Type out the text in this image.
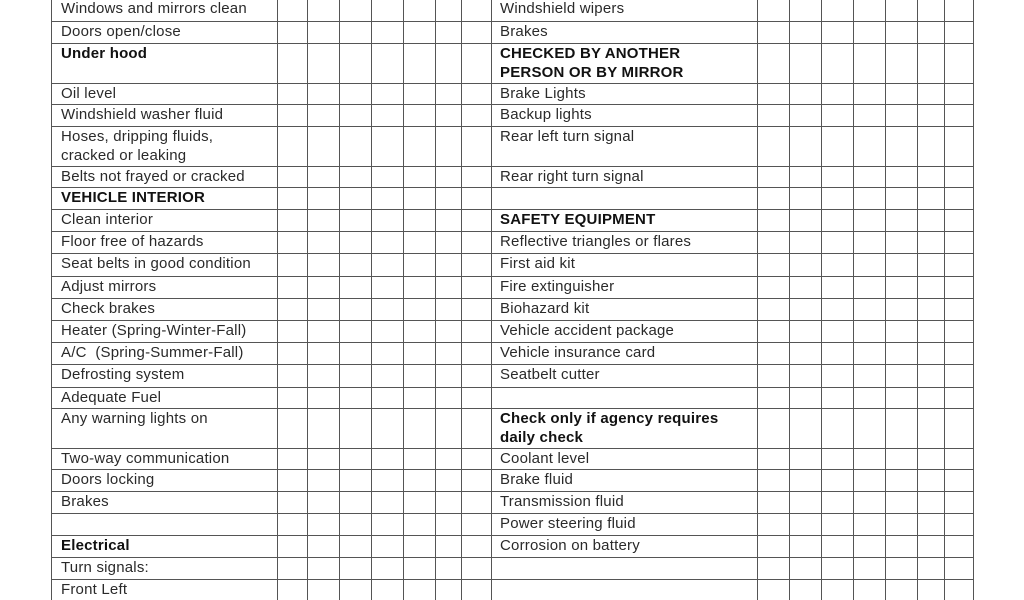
Windows and mirrors clean
Doors open/close
Under hood
Oil level
Windshield washer fluid
Hoses, dripping fluids,
cracked or leaking
Belts not frayed or cracked
VEHICLE INTERIOR
Clean interior
Floor free of hazards
Seat belts in good condition
Adjust mirrors
Check brakes
Heater (Spring-Winter-Fall)
A/C  (Spring-Summer-Fall)
Defrosting system
Adequate Fuel
Any warning lights on
Two-way communication
Doors locking
Brakes
Electrical
Turn signals:
Front Left
Windshield wipers
Brakes
CHECKED BY ANOTHER
PERSON OR BY MIRROR
Brake Lights
Backup lights
Rear left turn signal
Rear right turn signal
SAFETY EQUIPMENT
Reflective triangles or flares
First aid kit
Fire extinguisher
Biohazard kit
Vehicle accident package
Vehicle insurance card
Seatbelt cutter
Check only if agency requires
daily check
Coolant level
Brake fluid
Transmission fluid
Power steering fluid
Corrosion on battery
